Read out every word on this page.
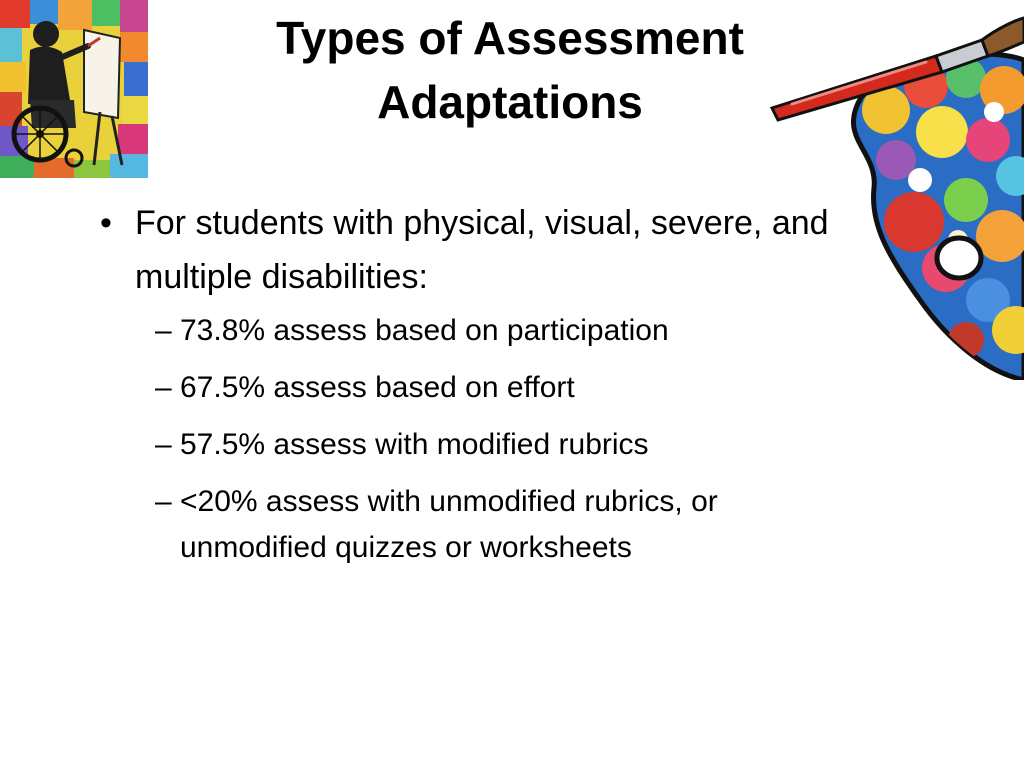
Types of Assessment
Adaptations
• For students with physical, visual, severe, and multiple disabilities:
– 73.8% assess based on participation
– 67.5% assess based on effort
– 57.5% assess with modified rubrics
– <20% assess with unmodified rubrics, or unmodified quizzes or worksheets
